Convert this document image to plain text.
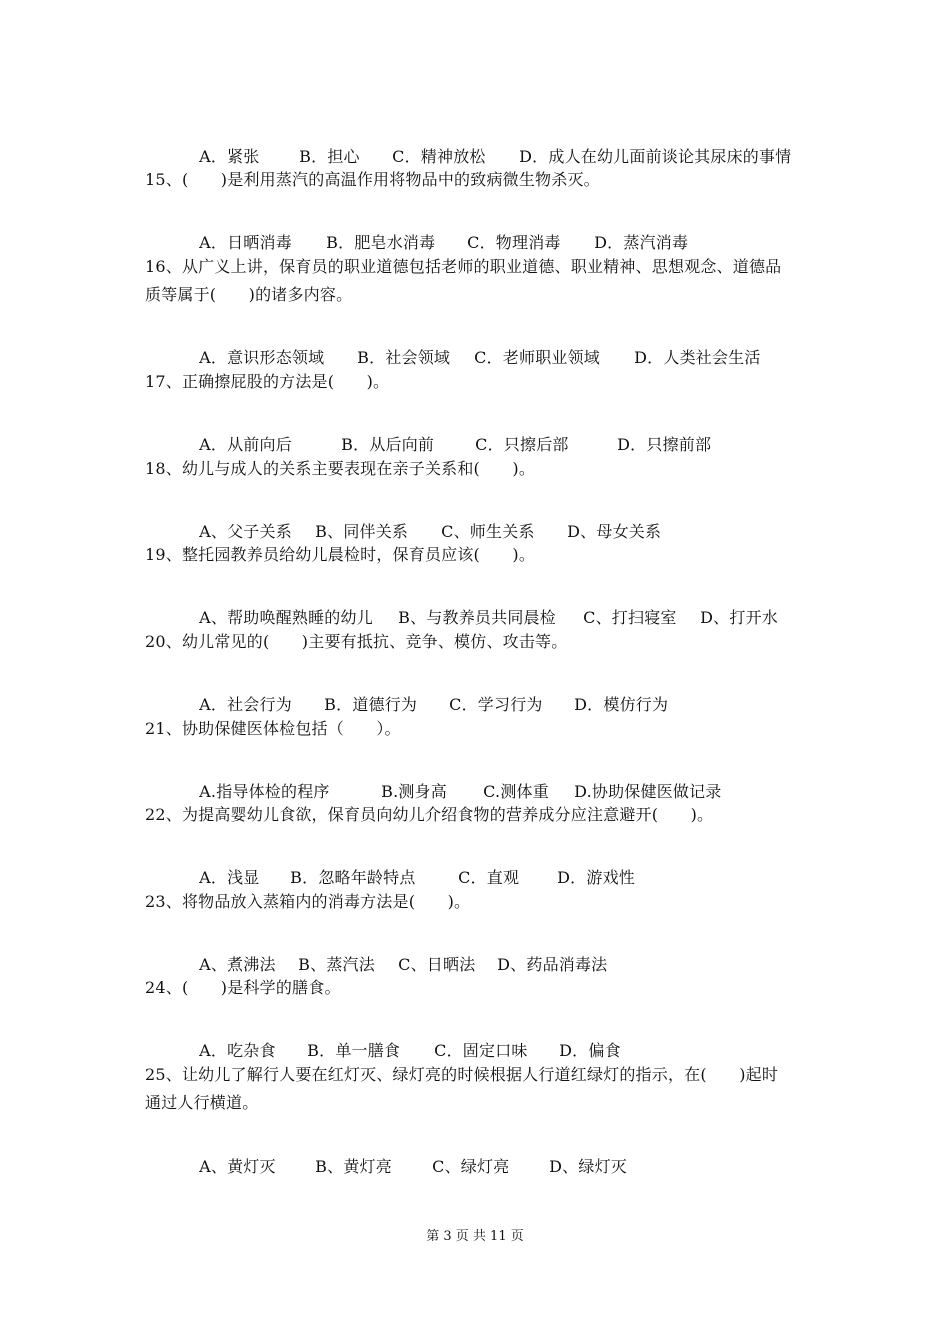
A．紧张 B．担心 C．精神放松 D．成人在幼儿面前谈论其尿床的事情

15、(　　)是利用蒸汽的高温作用将物品中的致病微生物杀灭。

A．日晒消毒 B．肥皂水消毒 C．物理消毒 D．蒸汽消毒

16、从广义上讲，保育员的职业道德包括老师的职业道德、职业精神、思想观念、道德品
质等属于(　　)的诸多内容。

A．意识形态领域 B．社会领域 C．老师职业领域 D．人类社会生活

17、正确擦屁股的方法是(　　)。

A．从前向后	B．从后向前	C．只擦后部	D．只擦前部

18、幼儿与成人的关系主要表现在亲子关系和(　　)。

A、父子关系 B、同伴关系 C、师生关系 D、母女关系

19、整托园教养员给幼儿晨检时，保育员应该(　　)。

A、帮助唤醒熟睡的幼儿 B、与教养员共同晨检 C、打扫寝室 D、打开水

20、幼儿常见的(　　)主要有抵抗、竞争、模仿、攻击等。

A．社会行为 B．道德行为 C．学习行为 D．模仿行为

21、协助保健医体检包括（　　）。

A.指导体检的程序	B.测身高 C.测体重 D.协助保健医做记录

22、为提高婴幼儿食欲，保育员向幼儿介绍食物的营养成分应注意避开(　　)。

A．浅显 B．忽略年龄特点	C．直观 D．游戏性

23、将物品放入蒸箱内的消毒方法是(　　)。

A、煮沸法 B、蒸汽法 C、日晒法 D、药品消毒法

24、(　　)是科学的膳食。

A．吃杂食 B．单一膳食 C．固定口味 D．偏食

25、让幼儿了解行人要在红灯灭、绿灯亮的时候根据人行道红绿灯的指示，在(　　)起时
通过人行横道。

A、黄灯灭 B、黄灯亮	C、绿灯亮 D、绿灯灭

第 3 页 共 11 页
